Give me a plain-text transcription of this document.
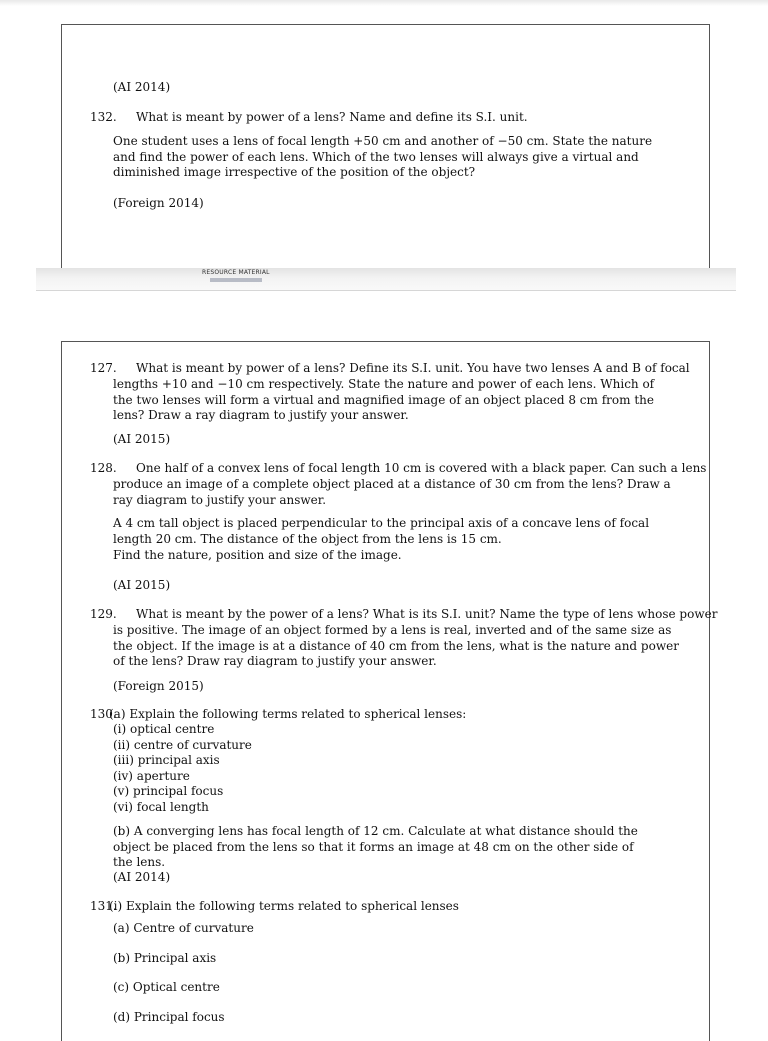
(AI 2014)
132. What is meant by power of a lens? Name and define its S.I. unit.
One student uses a lens of focal length +50 cm and another of −50 cm. State the nature and find the power of each lens. Which of the two lenses will always give a virtual and diminished image irrespective of the position of the object?
(Foreign 2014)
RESOURCE MATERIAL
127. What is meant by power of a lens? Define its S.I. unit. You have two lenses A and B of focal
lengths +10 and −10 cm respectively. State the nature and power of each lens. Which of the two lenses will form a virtual and magnified image of an object placed 8 cm from the lens? Draw a ray diagram to justify your answer.
(AI 2015)
128. One half of a convex lens of focal length 10 cm is covered with a black paper. Can such a lens
produce an image of a complete object placed at a distance of 30 cm from the lens? Draw a ray diagram to justify your answer.
A 4 cm tall object is placed perpendicular to the principal axis of a concave lens of focal length 20 cm. The distance of the object from the lens is 15 cm.
Find the nature, position and size of the image.
(AI 2015)
129. What is meant by the power of a lens? What is its S.I. unit? Name the type of lens whose power
is positive. The image of an object formed by a lens is real, inverted and of the same size as the object. If the image is at a distance of 40 cm from the lens, what is the nature and power of the lens? Draw ray diagram to justify your answer.
(Foreign 2015)
130.(a) Explain the following terms related to spherical lenses:
(i) optical centre
(ii) centre of curvature
(iii) principal axis
(iv) aperture
(v) principal focus
(vi) focal length
(b) A converging lens has focal length of 12 cm. Calculate at what distance should the object be placed from the lens so that it forms an image at 48 cm on the other side of the lens.
(AI 2014)
131.(i) Explain the following terms related to spherical lenses
(a) Centre of curvature
(b) Principal axis
(c) Optical centre
(d) Principal focus
